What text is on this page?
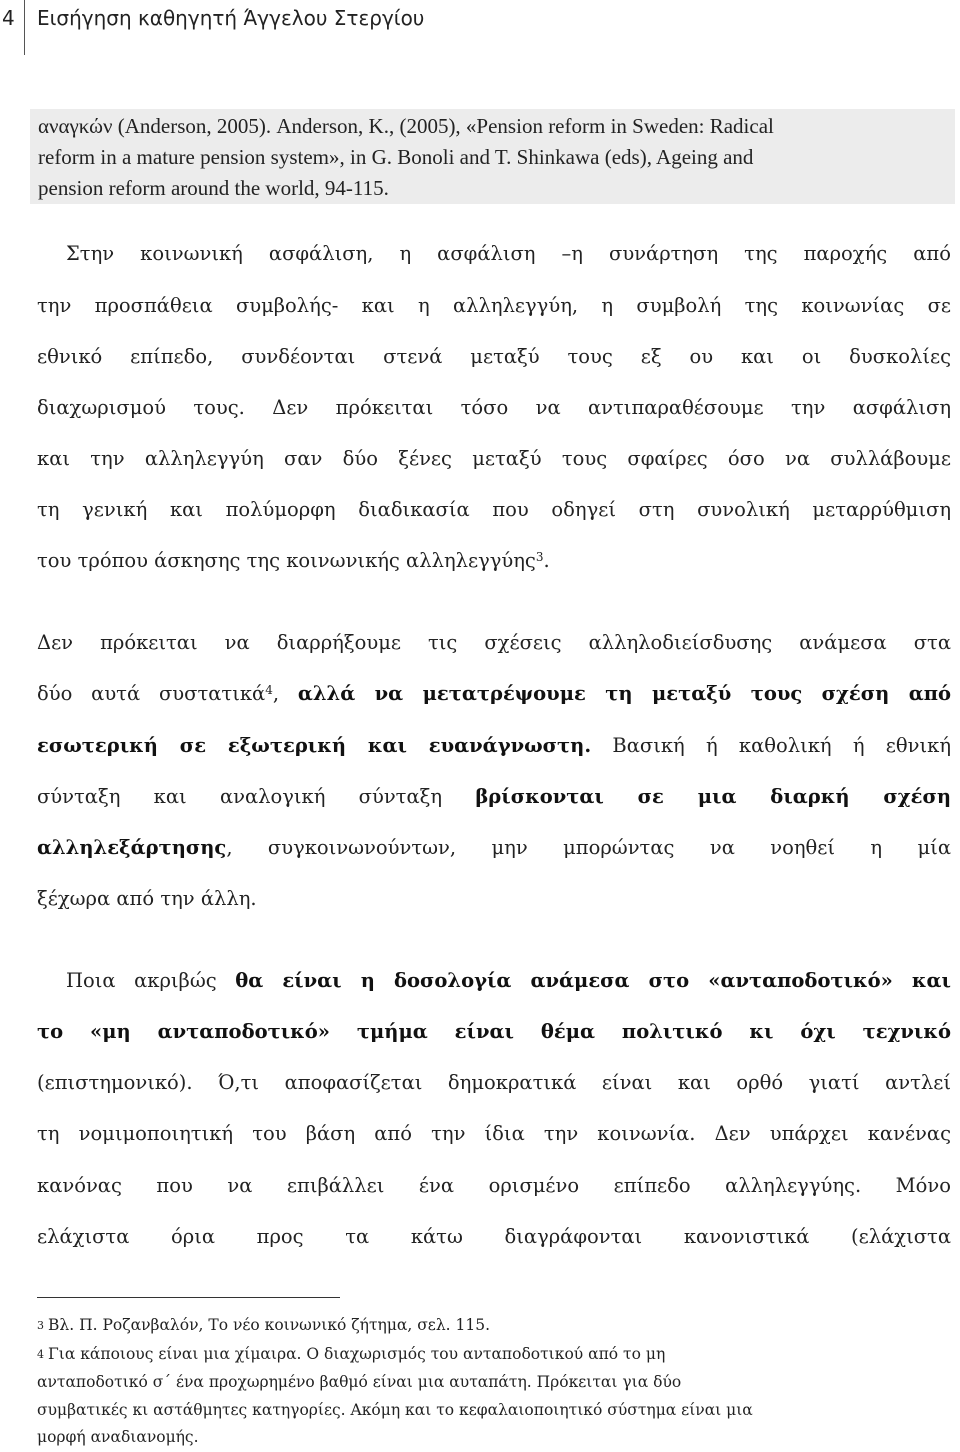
4 Εισήγηση καθηγητή Άγγελου Στεργίου
αναγκών (Anderson, 2005). Anderson, K., (2005), «Pension reform in Sweden: Radical
reform in a mature pension system», in G. Bonoli and T. Shinkawa (eds), Ageing and
pension reform around the world, 94-115.
Στην κοινωνική ασφάλιση, η ασφάλιση –η συνάρτηση της παροχής από
την προσπάθεια συμβολής- και η αλληλεγγύη, η συμβολή της κοινωνίας σε
εθνικό επίπεδο, συνδέονται στενά μεταξύ τους εξ ου και οι δυσκολίες
διαχωρισμού τους. Δεν πρόκειται τόσο να αντιπαραθέσουμε την ασφάλιση
και την αλληλεγγύη σαν δύο ξένες μεταξύ τους σφαίρες όσο να συλλάβουμε
τη γενική και πολύμορφη διαδικασία που οδηγεί στη συνολική μεταρρύθμιση
του τρόπου άσκησης της κοινωνικής αλληλεγγύης$^3$.
Δεν πρόκειται να διαρρήξουμε τις σχέσεις αλληλοδιείσδυσης ανάμεσα στα
δύο αυτά συστατικά$^4$, αλλά να μετατρέψουμε τη μεταξύ τους σχέση από
εσωτερική σε εξωτερική και ευανάγνωστη. Βασική ή καθολική ή εθνική
σύνταξη και αναλογική σύνταξη βρίσκονται σε μια διαρκή σχέση
αλληλεξάρτησης, συγκοινωνούντων, μην μπορώντας να νοηθεί η μία
ξέχωρα από την άλλη.
Ποια ακριβώς θα είναι η δοσολογία ανάμεσα στο «ανταποδοτικό» και
το «μη ανταποδοτικό» τμήμα είναι θέμα πολιτικό κι όχι τεχνικό
(επιστημονικό). Ό,τι αποφασίζεται δημοκρατικά είναι και ορθό γιατί αντλεί
τη νομιμοποιητική του βάση από την ίδια την κοινωνία. Δεν υπάρχει κανένας
κανόνας που να επιβάλλει ένα ορισμένο επίπεδο αλληλεγγύης. Μόνο
ελάχιστα όρια προς τα κάτω διαγράφονται κανονιστικά (ελάχιστα
$^3$ Βλ. Π. Ροζανβαλόν, Το νέο κοινωνικό ζήτημα, σελ. 115.
$^4$ Για κάποιους είναι μια χίμαιρα. Ο διαχωρισμός του ανταποδοτικού από το μη
ανταποδοτικό σ΄ ένα προχωρημένο βαθμό είναι μια αυταπάτη. Πρόκειται για δύο
συμβατικές κι αστάθμητες κατηγορίες. Ακόμη και το κεφαλαιοποιητικό σύστημα είναι μια
μορφή αναδιανομής.
